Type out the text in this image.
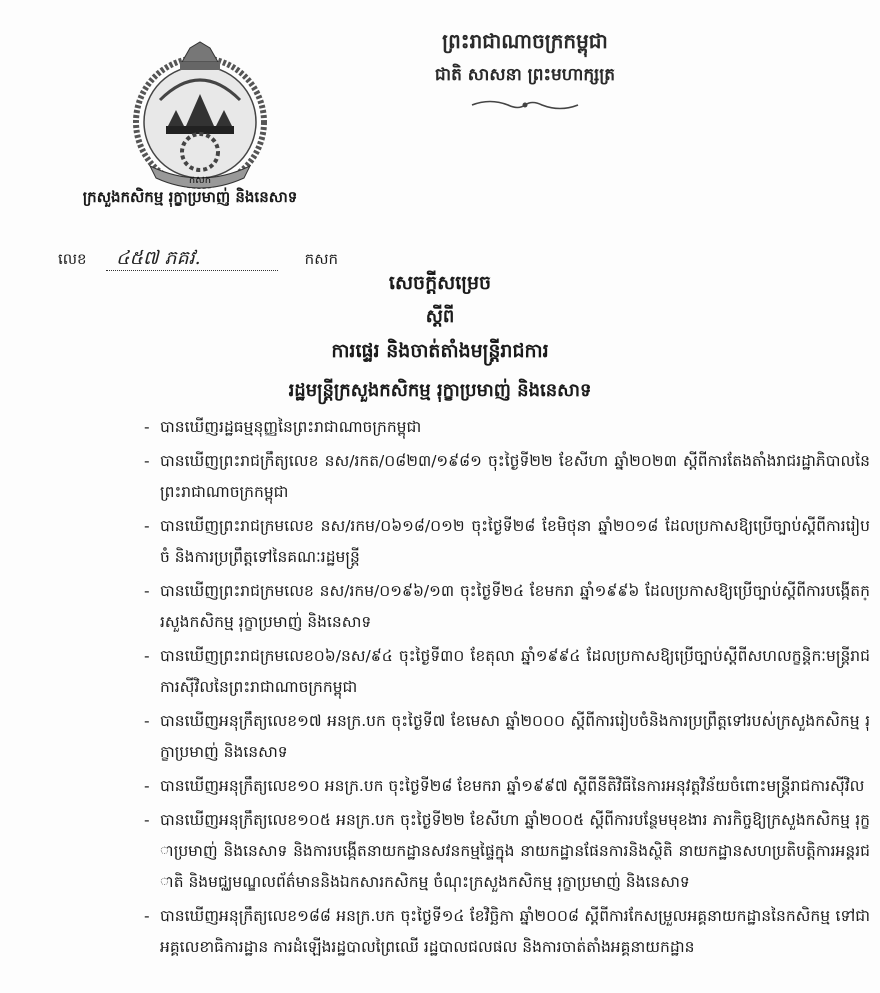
កសក
ក្រសួងកសិកម្ម រុក្ខាប្រមាញ់ និងនេសាទ
ព្រះរាជាណាចក្រកម្ពុជា
ជាតិ សាសនា ព្រះមហាក្សត្រ
លេខ ៤៥៧ ភគវ.	កសក
សេចក្តីសម្រេច
ស្តីពី
ការផ្ទេរ និងចាត់តាំងមន្ត្រីរាជការ
រដ្ឋមន្ត្រីក្រសួងកសិកម្ម រុក្ខាប្រមាញ់ និងនេសាទ
- បានឃើញរដ្ឋធម្មនុញ្ញនៃព្រះរាជាណាចក្រកម្ពុជា
- បានឃើញព្រះរាជក្រឹត្យលេខ នស/រកត/០៨២៣/១៩៨១ ចុះថ្ងៃទី២២ ខែសីហា ឆ្នាំ២០២៣ ស្តីពីការតែងតាំងរាជរដ្ឋាភិបាលនៃព្រះរាជាណាចក្រកម្ពុជា
- បានឃើញព្រះរាជក្រមលេខ នស/រកម/០៦១៨/០១២ ចុះថ្ងៃទី២៨ ខែមិថុនា ឆ្នាំ២០១៨ ដែលប្រកាសឱ្យប្រើច្បាប់ស្តីពីការរៀបចំ និងការប្រព្រឹត្តទៅនៃគណៈរដ្ឋមន្ត្រី
- បានឃើញព្រះរាជក្រមលេខ នស/រកម/០១៩៦/១៣ ចុះថ្ងៃទី២៤ ខែមករា ឆ្នាំ១៩៩៦ ដែលប្រកាសឱ្យប្រើច្បាប់ស្តីពីការបង្កើតក្រសួងកសិកម្ម រុក្ខាប្រមាញ់ និងនេសាទ
- បានឃើញព្រះរាជក្រមលេខ០៦/នស/៩៤ ចុះថ្ងៃទី៣០ ខែតុលា ឆ្នាំ១៩៩៤ ដែលប្រកាសឱ្យប្រើច្បាប់ស្តីពីសហលក្ខន្តិកៈមន្ត្រីរាជការស៊ីវិលនៃព្រះរាជាណាចក្រកម្ពុជា
- បានឃើញអនុក្រឹត្យលេខ១៧ អនក្រ.បក ចុះថ្ងៃទី៧ ខែមេសា ឆ្នាំ២០០០ ស្តីពីការរៀបចំនិងការប្រព្រឹត្តទៅរបស់ក្រសួងកសិកម្ម រុក្ខាប្រមាញ់ និងនេសាទ
- បានឃើញអនុក្រឹត្យលេខ១០ អនក្រ.បក ចុះថ្ងៃទី២៨ ខែមករា ឆ្នាំ១៩៩៧ ស្តីពីនីតិវិធីនៃការអនុវត្តវិន័យចំពោះមន្ត្រីរាជការស៊ីវិល
- បានឃើញអនុក្រឹត្យលេខ១០៥ អនក្រ.បក ចុះថ្ងៃទី២២ ខែសីហា ឆ្នាំ២០០៥ ស្តីពីការបន្ថែមមុខងារ ភារកិច្ចឱ្យក្រសួងកសិកម្ម រុក្ខាប្រមាញ់ និងនេសាទ និងការបង្កើតនាយកដ្ឋានសវនកម្មផ្ទៃក្នុង នាយកដ្ឋានផែនការនិងស្ថិតិ នាយកដ្ឋានសហប្រតិបត្តិការអន្តរជាតិ និងមជ្ឈមណ្ឌលព័ត៌មាននិងឯកសារកសិកម្ម ចំណុះក្រសួងកសិកម្ម រុក្ខាប្រមាញ់ និងនេសាទ
- បានឃើញអនុក្រឹត្យលេខ១៨៨ អនក្រ.បក ចុះថ្ងៃទី១៤ ខែវិច្ឆិកា ឆ្នាំ២០០៨ ស្តីពីការកែសម្រួលអគ្គនាយកដ្ឋាននៃកសិកម្ម ទៅជាអគ្គលេខាធិការដ្ឋាន ការដំឡើងរដ្ឋបាលព្រៃឈើ រដ្ឋបាលជលផល និងការចាត់តាំងអគ្គនាយកដ្ឋាន
